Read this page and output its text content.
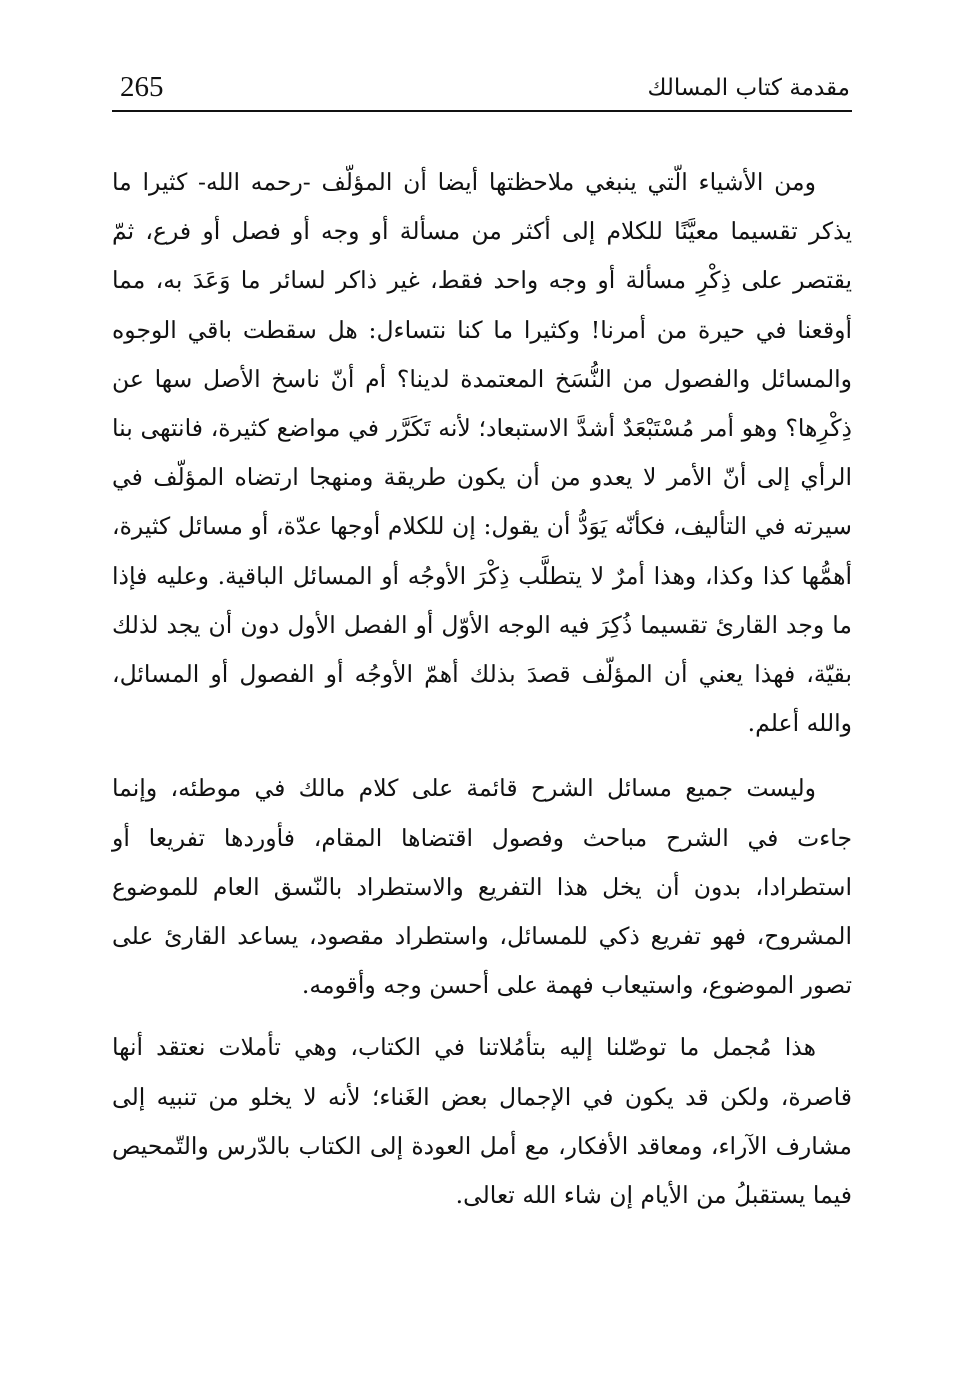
265	مقدمة كتاب المسالك

ومن الأشياء الّتي ينبغي ملاحظتها أيضا أن المؤلّف -رحمه الله- كثيرا ما يذكر تقسيما معيَّنًا للكلام إلى أكثر من مسألة أو وجه أو فصل أو فرع، ثمّ يقتصر على ذِكْرِ مسألة أو وجه واحد فقط، غير ذاكر لسائر ما وَعَدَ به، مما أوقعنا في حيرة من أمرنا! وكثيرا ما كنا نتساءل: هل سقطت باقي الوجوه والمسائل والفصول من النُّسَخ المعتمدة لدينا؟ أم أنّ ناسخ الأصل سها عن ذِكْرِها؟ وهو أمر مُسْتَبْعَدٌ أشدَّ الاستبعاد؛ لأنه تَكَرَّر في مواضع كثيرة، فانتهى بنا الرأي إلى أنّ الأمر لا يعدو من أن يكون طريقة ومنهجا ارتضاه المؤلّف في سيرته في التأليف، فكأنّه يَوَدُّ أن يقول: إن للكلام أوجها عدّة، أو مسائل كثيرة، أهمُّها كذا وكذا، وهذا أمرٌ لا يتطلَّب ذِكْرَ الأوجُه أو المسائل الباقية. وعليه فإذا ما وجد القارئ تقسيما ذُكِرَ فيه الوجه الأوّل أو الفصل الأول دون أن يجد لذلك بقيّة، فهذا يعني أن المؤلّف قصدَ بذلك أهمّ الأوجُه أو الفصول أو المسائل، والله أعلم.

وليست جميع مسائل الشرح قائمة على كلام مالك في موطئه، وإنما جاءت في الشرح مباحث وفصول اقتضاها المقام، فأوردها تفريعا أو استطرادا، بدون أن يخل هذا التفريع والاستطراد بالنّسق العام للموضوع المشروح، فهو تفريع ذكي للمسائل، واستطراد مقصود، يساعد القارئ على تصور الموضوع، واستيعاب فهمة على أحسن وجه وأقومه.

هذا مُجمل ما توصّلنا إليه بتأمُلاتنا في الكتاب، وهي تأملات نعتقد أنها قاصرة، ولكن قد يكون في الإجمال بعض الغَناء؛ لأنه لا يخلو من تنبيه إلى مشارف الآراء، ومعاقد الأفكار، مع أمل العودة إلى الكتاب بالدّرس والتّمحيص فيما يستقبلُ من الأيام إن شاء الله تعالى.
